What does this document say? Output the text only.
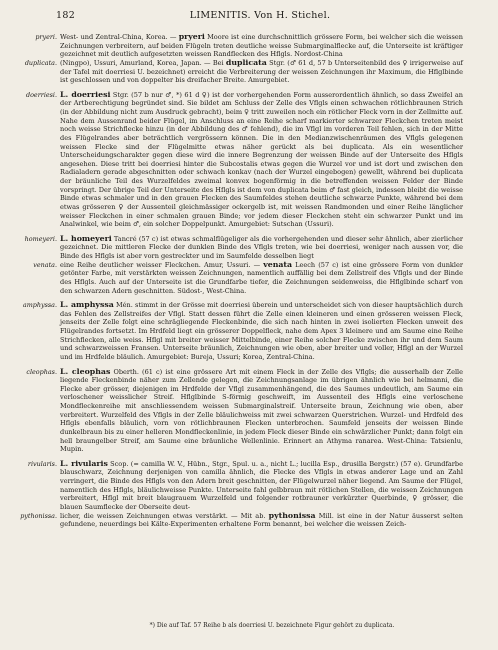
182	LIMENITIS. Von H. Stichel.
pryeri. West- und Zentral-China, Korea. — pryeri Moore ist eine durchschnittlich grössere Form, bei welcher sich die weissen Zeichnungen verbreitern, auf beiden Flügeln treten deutliche weisse Submarginalflecke auf, die Unterseite ist kräftiger gezeichnet mit deutlich aufgesetzten weissen Randflecken des Hflgls. Nordost-China
duplicata. (Ningpo), Ussuri, Amurland, Korea, Japan. — Bei duplicata Stgr. (♂ 61 d, 57 b Unterseitenbild des ♀ irrigerweise auf der Tafel mit doerriesi U. bezeichnet) erreicht die Verbreiterung der weissen Zeichnungen ihr Maximum, die Hflglbinde ist geschlossen und von doppelter bis dreifacher Breite. Amurgebiet.
doerriesi. L. doerriesi Stgr. (57 b nur ♂, *) 61 d ♀) ist der vorhergehenden Form ausserordentlich ähnlich, so dass Zweifel an der Artberechtigung begründet sind. Sie bildet am Schluss der Zelle des Vflgls einen schwachen rötlichbraunen Strich (in der Abbildung nicht zum Ausdruck gebracht), beim ♀ tritt zuweilen noch ein rötlicher Fleck vorn in der Zellmitte auf. Nahe dem Aussenrand beider Flügel, im Anschluss an eine Reihe scharf markierter schwarzer Fleckchen treten meist noch weisse Strichflecke hinzu (in der Abbildung des ♂ fehlend), die im Vflgl im vorderen Teil fehlen, sich in der Mitte des Flügelrandes aber beträchtlich vergrössern können. Die in den Medianzwischenräumen des Vflgls gelegenen weissen Flecke sind der Flügelmitte etwas näher gerückt als bei duplicata. Als ein wesentlicher Unterscheidungscharakter gegen diese wird die innere Begrenzung der weissen Binde auf der Unterseite des Hflgls angesehen. Diese tritt bei doerriesi hinter die Subcostalis etwas gegen die Wurzel vor und ist dort und zwischen den Radialadern gerade abgeschnitten oder schwach konkav (nach der Wurzel eingebogen) gewellt, während bei duplicata der bräunliche Teil des Wurzelfeldes zweimal konvex bogenförmig in die betreffenden weissen Felder der Binde vorspringt. Der übrige Teil der Unterseite des Hflgls ist dem von duplicata beim ♂ fast gleich, indessen bleibt die weisse Binde etwas schmaler und in den grauen Flecken des Saumfeldes stehen deutliche schwarze Punkte, während bei dem etwas grösseren ♀ der Aussenteil gleichmässiger ockergelb ist, mit weissen Randmonden und einer Reihe länglicher weisser Fleckchen in einer schmalen grauen Binde; vor jedem dieser Fleckchen steht ein schwarzer Punkt und im Analwinkel, wie beim ♂, ein solcher Doppelpunkt. Amurgebiet: Sutschan (Ussuri).
homeyeri. L. homeyeri Tancré (57 c) ist etwas schmalflügeliger als die vorhergehenden und dieser sehr ähnlich, aber zierlicher gezeichnet. Die mittleren Flecke der dunklen Binde des Vflgls treten, wie bei doerriesi, weniger nach aussen vor, die Binde des Hflgls ist aber vorn gestreckter und im Saumfelde desselben liegt
venata. eine Reihe deutlicher weisser Fleckchen. Amur, Ussuri. — venata Leech (57 c) ist eine grössere Form von dunkler getönter Farbe, mit verstärkten weissen Zeichnungen, namentlich auffällig bei dem Zellstreif des Vflgls und der Binde des Hflgls. Auch auf der Unterseite ist die Grundfarbe tiefer, die Zeichnungen seidenweiss, die Hflglbinde scharf von den schwarzen Adern geschnitten. Südost-, West-China.
amphyssa. L. amphyssa Mén. stimmt in der Grösse mit doerriesi überein und unterscheidet sich von dieser hauptsächlich durch das Fehlen des Zellstreifes der Vflgl. Statt dessen führt die Zelle einen kleineren und einen grösseren weissen Fleck, jenseits der Zelle folgt eine schrägliegende Fleckenbinde, die sich nach hinten in zwei isolierten Flecken unweit des Flügelrandes fortsetzt. Im Hrdfeld liegt ein grösserer Doppelfleck, nahe dem Apex 3 kleinere und am Saume eine Reihe Strichflecken, alle weiss. Hflgl mit breiter weisser Mittelbinde, einer Reihe solcher Flecke zwischen ihr und dem Saum und schwarzweissen Fransen. Unterseite bräunlich, Zeichnungen wie oben, aber breiter und voller, Hflgl an der Wurzel und im Hrdfelde bläulich. Amurgebiet: Bureja, Ussuri; Korea, Zentral-China.
cleophas. L. cleophas Oberth. (61 c) ist eine grössere Art mit einem Fleck in der Zelle des Vflgls; die ausserhalb der Zelle liegende Fleckenbinde näher zum Zellende gelegen, die Zeichnungsanlage im übrigen ähnlich wie bei helmanni, die Flecke aber grösser, diejenigen im Hrdfelde der Vflgl zusammenhängend, die des Saumes undeutlich, am Saume ein verloschener weisslicher Streif. Hflglbinde S-förmig geschweift, im Aussenteil des Hflgls eine verloschene Mondfleckenreihe mit anschliessendem weissen Submarginalstreif. Unterseite braun, Zeichnung wie oben, aber verbreitert. Wurzelfeld des Vflgls in der Zelle bläulichweiss mit zwei schwarzen Querstrichen. Wurzel- und Hrdfeld des Hflgls ebenfalls bläulich, vorn von rötlichbraunen Flecken unterbrochen. Saumfeld jenseits der weissen Binde dunkelbraun bis zu einer helleren Mondfleckenlinie, in jedem Fleck dieser Binde ein schwärzlicher Punkt; dann folgt ein hell braungelber Streif, am Saume eine bräunliche Wellenlinie. Erinnert an Athyma ranarea. West-China: Tatsienlu, Mupin.
rivularis. L. rivularis Scop. (= camilla W. V., Hübn., Stgr., Spul. u. a., nicht L.; lucilla Esp., drusilla Bergstr.) (57 e). Grundfarbe blauschwarz, Zeichnung derjenigen von camilla ähnlich, die Flecke des Vflgls in etwas anderer Lage und an Zahl verringert, die Binde des Hflgls von den Adern breit geschnitten, der Flügelwurzel näher liegend. Am Saume der Flügel, namentlich des Hflgls, bläulichweisse Punkte. Unterseite fahl gelbbraun mit rötlichen Stellen, die weissen Zeichnungen verbreitert, Hflgl mit breit blaugrauem Wurzelfeld und folgender rotbrauner verkürzter Querbinde, ♀ grösser, die blauen Saumflecke der Oberseite deut-
pythonissa. licher, die weissen Zeichnungen etwas verstärkt. — Mit ab. pythonissa Mill. ist eine in der Natur äusserst selten gefundene, neuerdings bei Kälte-Experimenten erhaltene Form benannt, bei welcher die weissen Zeich-
*) Die auf Taf. 57 Reihe b als doerriesi U. bezeichnete Figur gehört zu duplicata.
